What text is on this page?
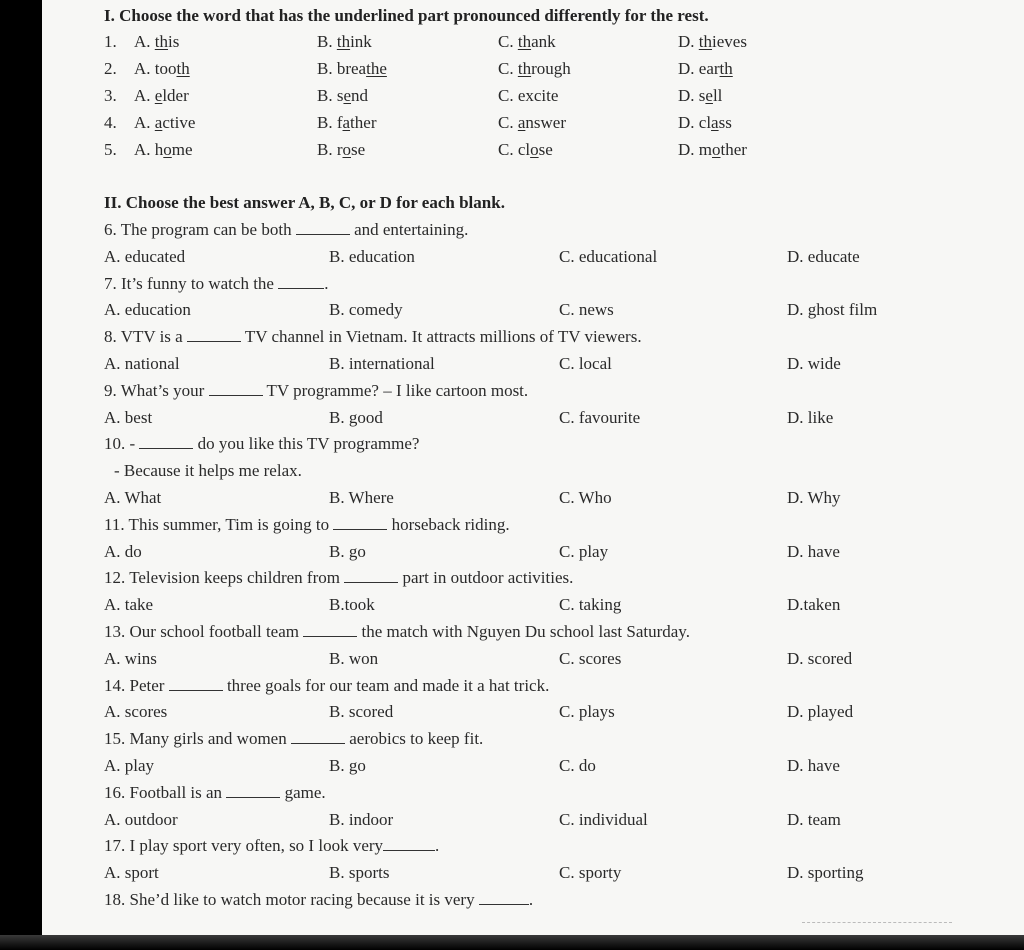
I. Choose the word that has the underlined part pronounced differently for the rest.
1. A. this	B. think	C. thank	D. thieves
2. A. tooth	B. breathe	C. through	D. earth
3. A. elder	B. send	C. excite	D. sell
4. A. active	B. father	C. answer	D. class
5. A. home	B. rose	C. close	D. mother
II. Choose the best answer A, B, C, or D for each blank.
6. The program can be both	and entertaining.
A. educated	B. education	C. educational	D. educate
7. It’s funny to watch the	.
A. education	B. comedy	C. news	D. ghost film
8. VTV is a	TV channel in Vietnam. It attracts millions of TV viewers.
A. national	B. international	C. local	D. wide
9. What’s your	TV programme? – I like cartoon most.
A. best	B. good	C. favourite	D. like
10. -	do you like this TV programme?
- Because it helps me relax.
A. What	B. Where	C. Who	D. Why
11. This summer, Tim is going to	horseback riding.
A. do	B. go	C. play	D. have
12. Television keeps children from	part in outdoor activities.
A. take	B.took	C. taking	D.taken
13. Our school football team	the match with Nguyen Du school last Saturday.
A. wins	B. won	C. scores	D. scored
14. Peter	three goals for our team and made it a hat trick.
A. scores	B. scored	C. plays	D. played
15. Many girls and women	aerobics to keep fit.
A. play	B. go	C. do	D. have
16. Football is an	game.
A. outdoor	B. indoor	C. individual	D. team
17. I play sport very often, so I look very	.
A. sport	B. sports	C. sporty	D. sporting
18. She’d like to watch motor racing because it is very	.
